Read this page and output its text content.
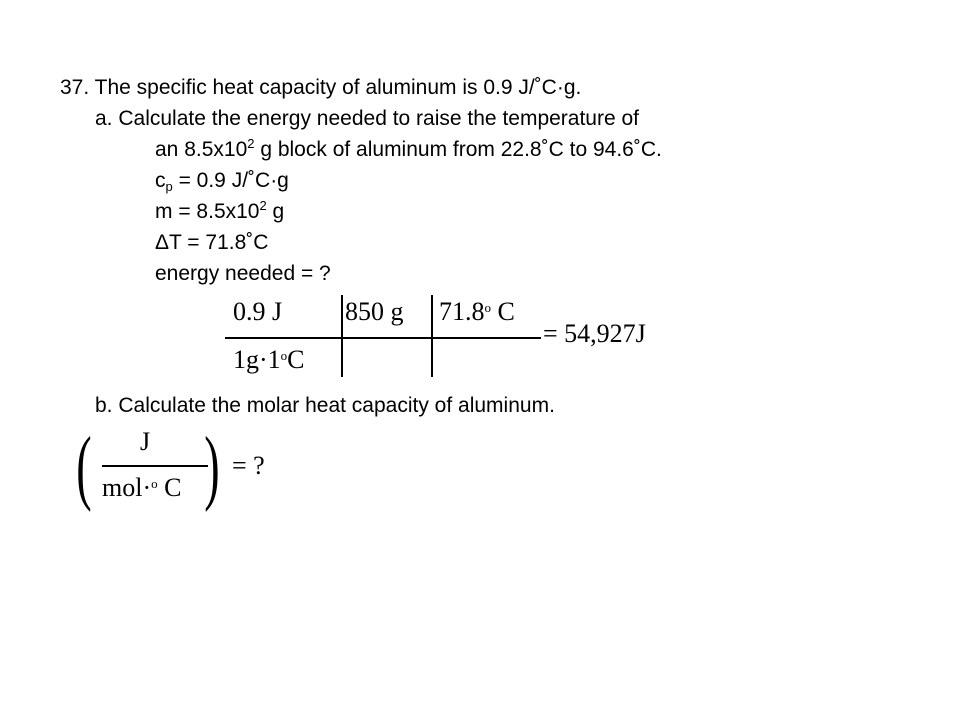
37. The specific heat capacity of aluminum is 0.9 J/˚C·g.
a. Calculate the energy needed to raise the temperature of
an $8.5x10^2$ g block of aluminum from 22.8˚C to 94.6˚C.
$c_p = 0.9$ J/˚C·g
$m = 8.5x10^2$ g
ΔT = 71.8˚C
energy needed = ?
0.9 J 850 g 71.8$^o$ C
$1g\cdot 1^oC$
= 54,927J
b. Calculate the molar heat capacity of aluminum.
( J
mol·$^o$ C ) = ?
